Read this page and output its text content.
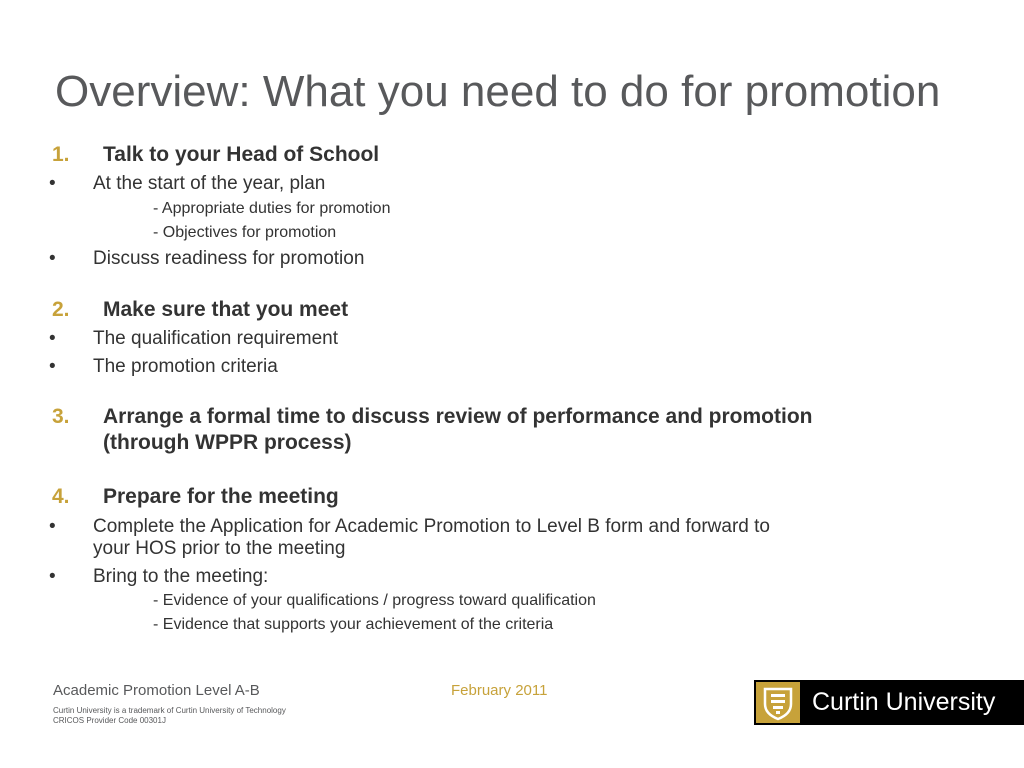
Overview: What you need to do for promotion
1. Talk to your Head of School
• At the start of the year, plan
- Appropriate duties for promotion
- Objectives for promotion
• Discuss readiness for promotion
2. Make sure that you meet
• The qualification requirement
• The promotion criteria
3. Arrange a formal time to discuss review of performance and promotion
(through WPPR process)
4. Prepare for the meeting
• Complete the Application for Academic Promotion to Level B form and forward to
your HOS prior to the meeting
• Bring to the meeting:
- Evidence of your qualifications / progress toward qualification
- Evidence that supports your achievement of the criteria
Academic Promotion Level A-B	February 2011
Curtin University is a trademark of Curtin University of Technology
CRICOS Provider Code 00301J
Curtin University
